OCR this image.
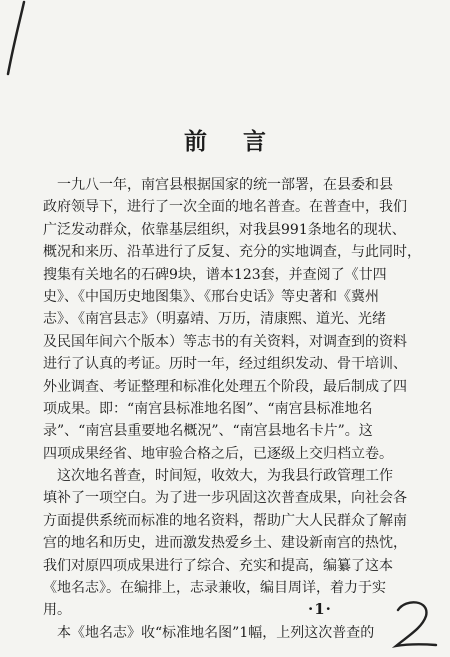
前 言
　一九八一年，南宫县根据国家的统一部署，在县委和县
政府领导下，进行了一次全面的地名普查。在普查中，我们
广泛发动群众，依靠基层组织，对我县991条地名的现状、
概况和来历、沿革进行了反复、充分的实地调查，与此同时，
搜集有关地名的石碑9块，谱本123套，并查阅了《廿四
史》、《中国历史地图集》、《邢台史话》等史著和《冀州
志》、《南宫县志》（明嘉靖、万历，清康熙、道光、光绪
及民国年间六个版本）等志书的有关资料，对调查到的资料
进行了认真的考证。历时一年，经过组织发动、骨干培训、
外业调查、考证整理和标准化处理五个阶段，最后制成了四
项成果。即：“南宫县标准地名图”、“南宫县标准地名
录”、“南宫县重要地名概况”、“南宫县地名卡片”。这
四项成果经省、地审验合格之后，已逐级上交归档立卷。
　这次地名普查，时间短，收效大，为我县行政管理工作
填补了一项空白。为了进一步巩固这次普查成果，向社会各
方面提供系统而标准的地名资料，帮助广大人民群众了解南
宫的地名和历史，进而激发热爱乡土、建设新南宫的热忱，
我们对原四项成果进行了综合、充实和提高，编纂了这本
《地名志》。在编排上，志录兼收，编目周详，着力于实
用。
　本《地名志》收“标准地名图”1幅，上列这次普查的
·1·
